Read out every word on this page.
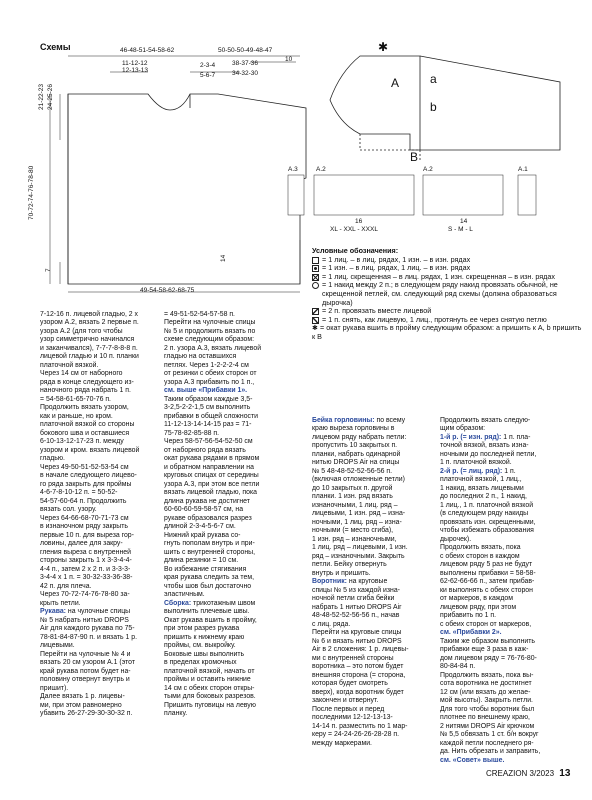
Схемы	46-48-51-54-58-62
11-12-12
12-13-13
50-50-50-49-48-47
2-3-4
5-6-7
38-37-36
34-32-30
10
21-22-23 24-25-26
70-72-74-76-78-80
7
14
49-54-58-62-68-75
A	a
b
B
✱
A.3	A.2	A.2	A.1
16
XL - XXL - XXXL
14
S - M - L
Условные обозначения:
= 1 лиц. – в лиц. рядах, 1 изн. – в изн. рядах
= 1 изн. – в лиц. рядах, 1 лиц. – в изн. рядах
= 1 лиц. скрещенная – в лиц. рядах, 1 изн. скрещенная – в изн. рядах
= 1 накид между 2 п.; в следующем ряду накид провязать обычной, не скрещенной петлей, см. следующий ряд схемы (должна образоваться дырочка)
= 2 п. провязать вместе лицевой
= 1 п. снять, как лицевую, 1 лиц., протянуть ее через снятую петлю
✱ = окат рукава вшить в пройму следующим образом: а пришить к A, b пришить к B

7-12-16 п. лицевой гладью, 2 х
узором A.2, вязать 2 первые п.
узора A.2 (для того чтобы
узор симметрично начинался
и заканчивался), 7-7-7-8-8-8 п.
лицевой гладью и 10 п. планки
платочной вязкой.
Через 14 см от наборного
ряда в конце следующего из-
наночного ряда набрать 1 п.
= 54-58-61-65-70-76 п.
Продолжить вязать узором,
как и раньше, но кром.
платочной вязкой со стороны
бокового шва и оставшиеся
6-10-13-12-17-23 п. между
узором и кром. вязать лицевой
гладью.
Через 49-50-51-52-53-54 см
в начале следующего лицево-
го ряда закрыть для проймы
4-6-7-8-10-12 п. = 50-52-
54-57-60-64 п. Продолжить
вязать сол. узору.
Через 64-66-68-70-71-73 см
в изнаночном ряду закрыть
первые 10 п. для выреза гор-
ловины, далее для закру-
гления выреза с внутренней
стороны закрыть 1 х 3-3-4-4-
4-4 п., затем 2 х 2 п. и 3-3-3-
3-4-4 х 1 п. = 30-32-33-36-38-
42 п. для плеча.
Через 70-72-74-76-78-80 за-
крыть петли.
Рукава: на чулочные спицы
№ 5 набрать нитью DROPS
Air для каждого рукава по 75-
78-81-84-87-90 п. и вязать 1 р.
лицевыми.
Перейти на чулочные № 4 и
вязать 20 см узором A.1 (этот
край рукава потом будет на-
половину отвернут внутрь и
пришит).
Далее вязать 1 р. лицевы-
ми, при этом равномерно
убавить 26-27-29-30-30-32 п.

= 49-51-52-54-57-58 п.
Перейти на чулочные спицы
№ 5 и продолжить вязать по
схеме следующим образом:
2 п. узора A.3, вязать лицевой
гладью на оставшихся
петлях. Через 1-2-2-2-4 см
от резинки с обеих сторон от
узора A.3 прибавить по 1 п.,
см. выше «Прибавки 1».
Таким образом каждые 3,5-
3-2,5-2-2-1,5 см выполнить
прибавки в общей сложности
11-12-13-14-14-15 раз = 71-
75-78-82-85-88 п.
Через 58-57-56-54-52-50 см
от наборного ряда вязать
окат рукава рядами в прямом
и обратном направлении на
круговых спицах от середины
узора A.3, при этом все петли
вязать лицевой гладью, пока
длина рукава не достигнет
60-60-60-59-58-57 см, на
рукаве образовался разрез
длиной 2-3-4-5-6-7 см.
Нижний край рукава со-
гнуть пополам внутрь и при-
шить с внутренней стороны,
длина резинки = 10 см.
Во избежание стягивания
края рукава следить за тем,
чтобы шов был достаточно
эластичным.
Сборка: трикотажным швом
выполнить плечевые швы.
Окат рукава вшить в пройму,
при этом разрез рукава
пришить к нижнему краю
проймы, см. выкройку.
Боковые швы выполнить
в пределах кромочных
платочной вязкой, начать от
проймы и оставить нижние
14 см с обеих сторон откры-
тыми для боковых разрезов.
Пришить пуговицы на левую
планку.

Бейка горловины: по всему
краю выреза горловины в
лицевом ряду набрать петли:
пропустить 10 закрытых п.
планки, набрать одинарной
нитью DROPS Air на спицы
№ 5 48-48-52-52-56-56 п.
(включая отложенные петли)
до 10 закрытых п. другой
планки. 1 изн. ряд вязать
изнаночными, 1 лиц. ряд –
лицевыми, 1 изн. ряд – изна-
ночными, 1 лиц. ряд – изна-
ночными (= место сгиба),
1 изн. ряд – изнаночными,
1 лиц. ряд – лицевыми, 1 изн.
ряд – изнаночными. Закрыть
петли. Бейку отвернуть
внутрь и пришить.
Воротник: на круговые
спицы № 5 из каждой изна-
ночной петли сгиба бейки
набрать 1 нитью DROPS Air
48-48-52-52-56-56 п., начав
с лиц. ряда.
Перейти на круговые спицы
№ 6 и вязать нитью DROPS
Air в 2 сложения: 1 р. лицевы-
ми с внутренней стороны
воротника – это потом будет
внешняя сторона (= сторона,
которая будет смотреть
вверх), когда воротник будет
закончен и отвернут.
После первых и перед
последними 12-12-13-13-
14-14 п. разместить по 1 мар-
керу = 24-24-26-26-28-28 п.
между маркерами.

Продолжить вязать следую-
щим образом:
1-й р. (= изн. ряд): 1 п. пла-
точной вязкой, вязать изна-
ночными до последней петли,
1 п. платочной вязкой.
2-й р. (= лиц. ряд): 1 п.
платочной вязкой, 1 лиц.,
1 накид, вязать лицевыми
до последних 2 п., 1 накид,
1 лиц., 1 п. платочной вязкой
(в следующем ряду накиды
провязать изн. скрещенными,
чтобы избежать образования
дырочек).
Продолжить вязать, пока
с обеих сторон в каждом
лицевом ряду 5 раз не будут
выполнены прибавки = 58-58-
62-62-66-66 п., затем прибав-
ки выполнять с обеих сторон
от маркеров, в каждом
лицевом ряду, при этом
прибавить по 1 п.
с обеих сторон от маркеров,
см. «Прибавки 2».
Таким же образом выполнить
прибавки еще 3 раза в каж-
дом лицевом ряду = 76-76-80-
80-84-84 п.
Продолжить вязать, пока вы-
сота воротника не достигнет
12 см (или вязать до желае-
мой высоты). Закрыть петли.
Для того чтобы воротник был
плотнее по внешнему краю,
2 нитями DROPS Air крючком
№ 5,5 обвязать 1 ст. б/н вокруг
каждой петли последнего ря-
да. Нить обрезать и заправить,
см. «Совет» выше.

CREAZION 3/2023 13
